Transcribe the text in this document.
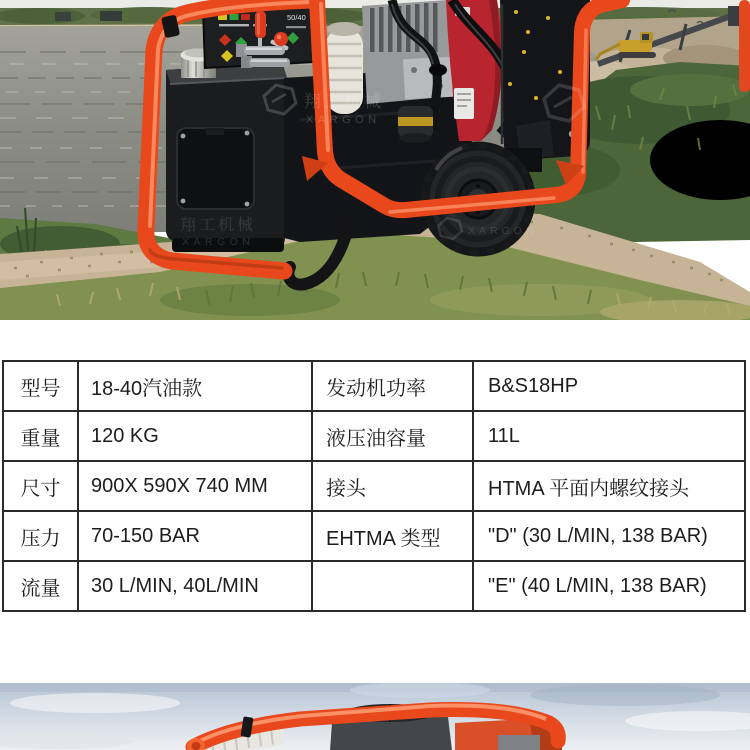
50/40
翔工机械
XARGON
翔工机械
XARGON
XARGON
型号	18-40汽油款	发动机功率	B&S18HP
重量	120 KG	液压油容量	11L
尺寸	900X 590X 740 MM	接头	HTMA 平面内螺纹接头
压力	70-150 BAR	EHTMA 类型	"D" (30 L/MIN, 138 BAR)
流量	30 L/MIN, 40L/MIN		"E" (40 L/MIN, 138 BAR)
